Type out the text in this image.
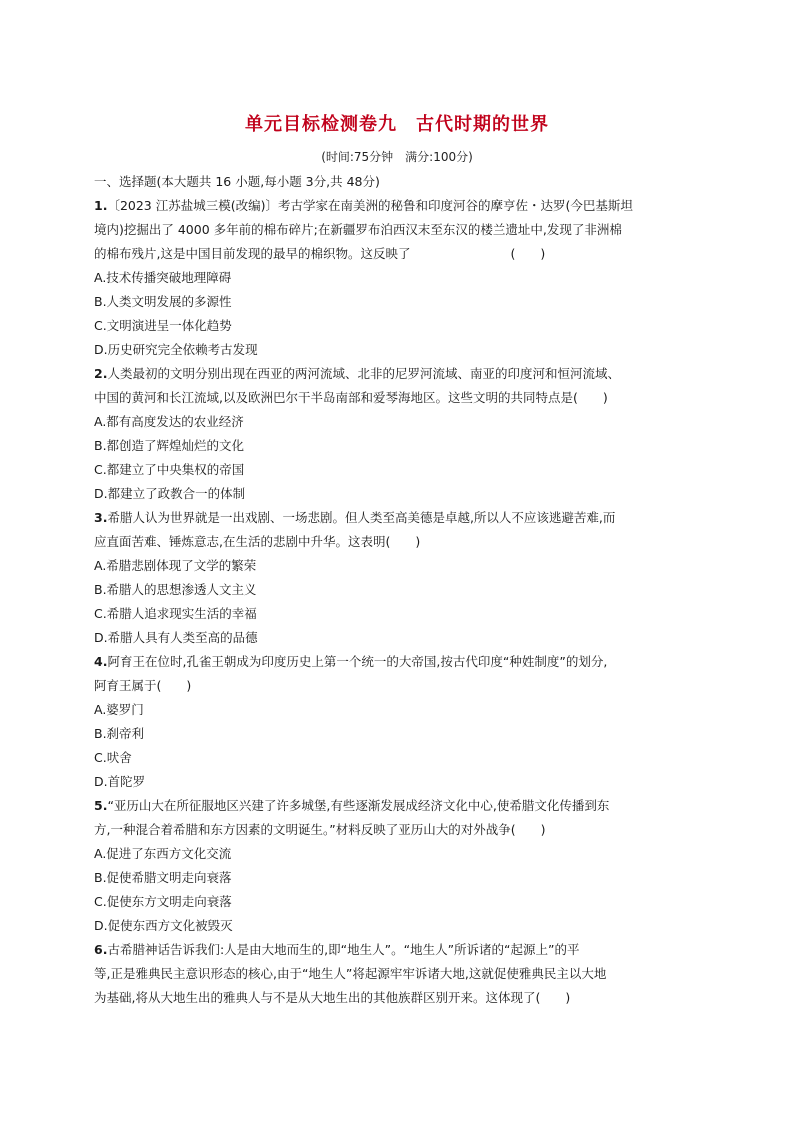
单元目标检测卷九　古代时期的世界
(时间:75分钟　满分:100分)
一、选择题(本大题共 16 小题,每小题 3分,共 48分)
1.〔2023 江苏盐城三模(改编)〕考古学家在南美洲的秘鲁和印度河谷的摩亨佐・达罗(今巴基斯坦
境内)挖掘出了 4000 多年前的棉布碎片;在新疆罗布泊西汉末至东汉的楼兰遗址中,发现了非洲棉
的棉布残片,这是中国目前发现的最早的棉织物。这反映了　　　　　　　　(　　)
A.技术传播突破地理障碍
B.人类文明发展的多源性
C.文明演进呈一体化趋势
D.历史研究完全依赖考古发现
2.人类最初的文明分别出现在西亚的两河流域、北非的尼罗河流域、南亚的印度河和恒河流域、
中国的黄河和长江流域,以及欧洲巴尔干半岛南部和爱琴海地区。这些文明的共同特点是(　　)
A.都有高度发达的农业经济
B.都创造了辉煌灿烂的文化
C.都建立了中央集权的帝国
D.都建立了政教合一的体制
3.希腊人认为世界就是一出戏剧、一场悲剧。但人类至高美德是卓越,所以人不应该逃避苦难,而
应直面苦难、锤炼意志,在生活的悲剧中升华。这表明(　　)
A.希腊悲剧体现了文学的繁荣
B.希腊人的思想渗透人文主义
C.希腊人追求现实生活的幸福
D.希腊人具有人类至高的品德
4.阿育王在位时,孔雀王朝成为印度历史上第一个统一的大帝国,按古代印度“种姓制度”的划分,
阿育王属于(　　)
A.婆罗门
B.刹帝利
C.吠舍
D.首陀罗
5.“亚历山大在所征服地区兴建了许多城堡,有些逐渐发展成经济文化中心,使希腊文化传播到东
方,一种混合着希腊和东方因素的文明诞生。”材料反映了亚历山大的对外战争(　　)
A.促进了东西方文化交流
B.促使希腊文明走向衰落
C.促使东方文明走向衰落
D.促使东西方文化被毁灭
6.古希腊神话告诉我们:人是由大地而生的,即“地生人”。“地生人”所诉诸的“起源上”的平
等,正是雅典民主意识形态的核心,由于“地生人”将起源牢牢诉诸大地,这就促使雅典民主以大地
为基础,将从大地生出的雅典人与不是从大地生出的其他族群区别开来。这体现了(　　)
